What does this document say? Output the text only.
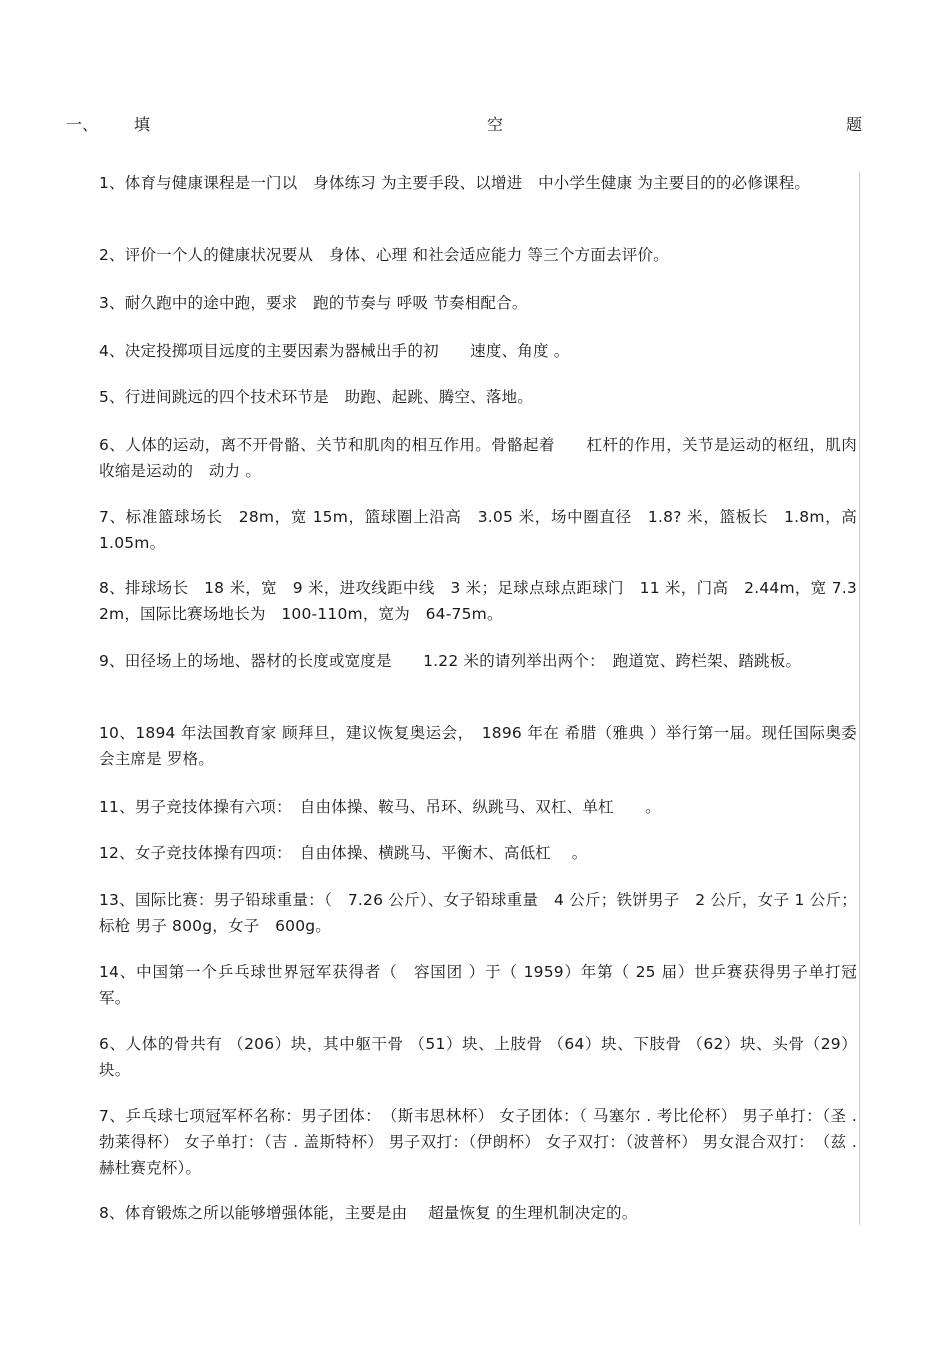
一、 填	空	题
1、体育与健康课程是一门以　身体练习 为主要手段、以增进　中小学生健康 为主要目的的必修课程。
2、评价一个人的健康状况要从　身体、心理 和社会适应能力 等三个方面去评价。
3、耐久跑中的途中跑，要求　跑的节奏与 呼吸 节奏相配合。
4、决定投掷项目远度的主要因素为器械出手的初　　速度、角度 。
5、行进间跳远的四个技术环节是　助跑、起跳、腾空、落地。
6、人体的运动，离不开骨骼、关节和肌肉的相互作用。骨骼起着　　杠杆的作用，关节是运动的枢纽，肌肉收缩是运动的　动力 。
7、标准篮球场长　28m，宽 15m，篮球圈上沿高　3.05 米，场中圈直径　1.8? 米，篮板长　1.8m，高 1.05m。
8、排球场长　18 米，宽　9 米，进攻线距中线　3 米；足球点球点距球门　11 米，门高　2.44m，宽 7.32m，国际比赛场地长为　100-110m，宽为　64-75m。
9、田径场上的场地、器材的长度或宽度是　　1.22 米的请列举出两个：　跑道宽、跨栏架、踏跳板。
10、1894 年法国教育家 顾拜旦，建议恢复奥运会，　1896 年在 希腊（雅典 ）举行第一届。现任国际奥委会主席是 罗格。
11、男子竞技体操有六项：　自由体操、鞍马、吊环、纵跳马、双杠、单杠　　。
12、女子竞技体操有四项：　自由体操、横跳马、平衡木、高低杠　 。
13、国际比赛：男子铅球重量：（　7.26 公斤）、女子铅球重量　4 公斤；铁饼男子　2 公斤，女子 1 公斤；标枪 男子 800g，女子　600g。
14、中国第一个乒乓球世界冠军获得者（　容国团 ）于（ 1959）年第（ 25 届）世乒赛获得男子单打冠军。
6、人体的骨共有 （206）块，其中躯干骨 （51）块、上肢骨 （64）块、下肢骨 （62）块、头骨（29） 块。
7、乒乓球七项冠军杯名称：男子团体：　（斯韦思林杯） 女子团体：（ 马塞尔 . 考比伦杯） 男子单打：（圣 . 勃莱得杯） 女子单打：（吉 . 盖斯特杯） 男子双打：（伊朗杯） 女子双打：（波普杯） 男女混合双打：　（兹 . 赫杜赛克杯）。
8、体育锻炼之所以能够增强体能，主要是由　 超量恢复 的生理机制决定的。
